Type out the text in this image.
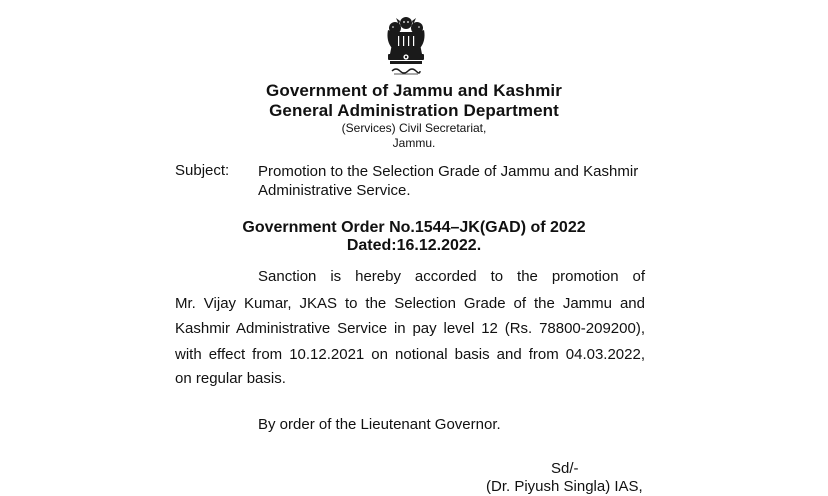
Government of Jammu and Kashmir
General Administration Department
(Services) Civil Secretariat,
Jammu.
Subject: Promotion to the Selection Grade of Jammu and Kashmir
Administrative Service.
Government Order No.1544–JK(GAD) of 2022
Dated:16.12.2022.
Sanction is hereby accorded to the promotion of
Mr. Vijay Kumar, JKAS to the Selection Grade of the Jammu and
Kashmir Administrative Service in pay level 12 (Rs. 78800-209200),
with effect from 10.12.2021 on notional basis and from 04.03.2022,
on regular basis.
By order of the Lieutenant Governor.
Sd/-
(Dr. Piyush Singla) IAS,
